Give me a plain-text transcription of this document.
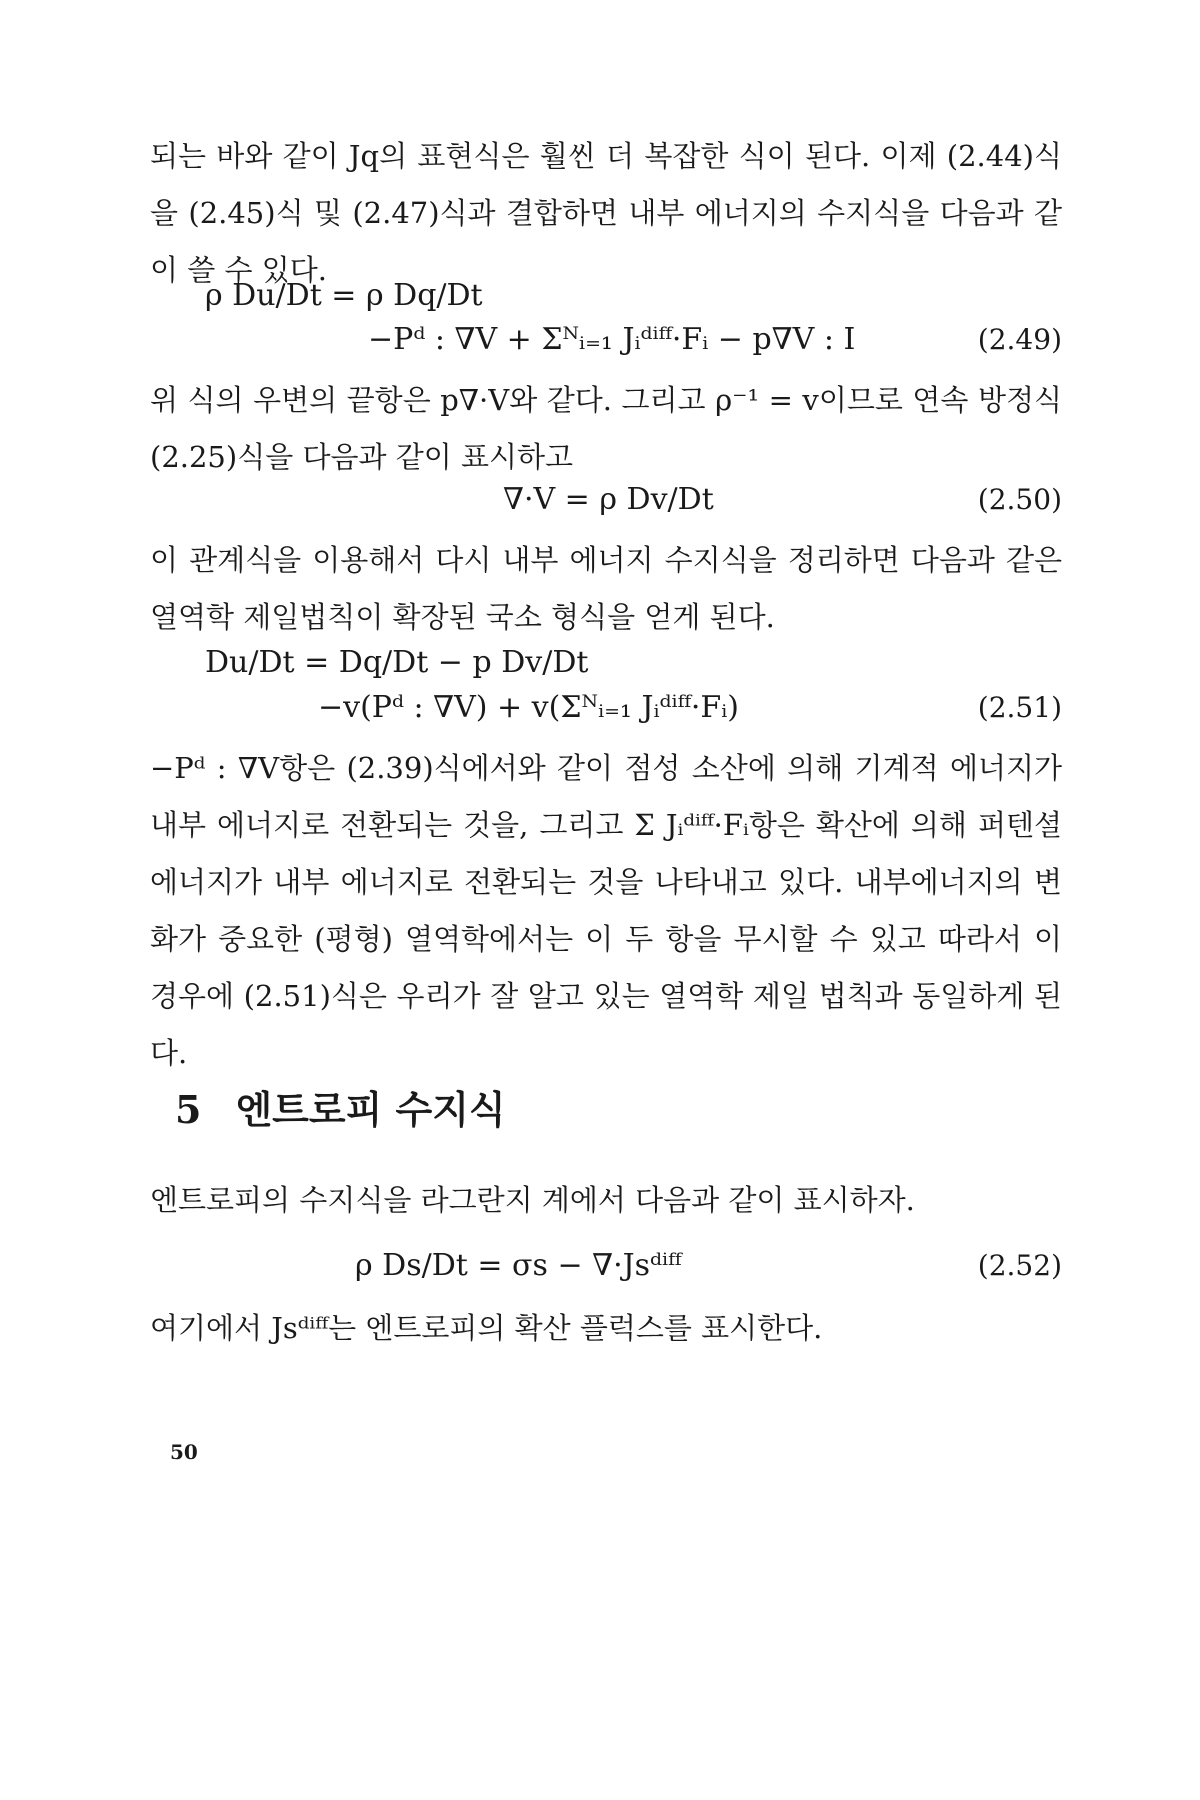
되는 바와 같이 Jq의 표현식은 훨씬 더 복잡한 식이 된다. 이제 (2.44)식을 (2.45)식 및 (2.47)식과 결합하면 내부 에너지의 수지식을 다음과 같이 쓸 수 있다.

ρ Du/Dt = ρ Dq/Dt
−Pᵈ : ∇V + Σᴺᵢ₌₁ Jᵢᵈⁱᶠᶠ·Fᵢ − p∇V : I	(2.49)

위 식의 우변의 끝항은 p∇·V와 같다. 그리고 ρ⁻¹ = v이므로 연속 방정식 (2.25)식을 다음과 같이 표시하고

∇·V = ρ Dv/Dt	(2.50)

이 관계식을 이용해서 다시 내부 에너지 수지식을 정리하면 다음과 같은 열역학 제일법칙이 확장된 국소 형식을 얻게 된다.

Du/Dt = Dq/Dt − p Dv/Dt
−v(Pᵈ : ∇V) + v(Σᴺᵢ₌₁ Jᵢᵈⁱᶠᶠ·Fᵢ)	(2.51)

−Pᵈ : ∇V항은 (2.39)식에서와 같이 점성 소산에 의해 기계적 에너지가 내부 에너지로 전환되는 것을, 그리고 Σ Jᵢᵈⁱᶠᶠ·Fᵢ항은 확산에 의해 퍼텐셜 에너지가 내부 에너지로 전환되는 것을 나타내고 있다. 내부에너지의 변화가 중요한 (평형) 열역학에서는 이 두 항을 무시할 수 있고 따라서 이 경우에 (2.51)식은 우리가 잘 알고 있는 열역학 제일 법칙과 동일하게 된다.

5 엔트로피 수지식

엔트로피의 수지식을 라그란지 계에서 다음과 같이 표시하자.

ρ Ds/Dt = σs − ∇·Jsᵈⁱᶠᶠ	(2.52)

여기에서 Jsᵈⁱᶠᶠ는 엔트로피의 확산 플럭스를 표시한다.

50
